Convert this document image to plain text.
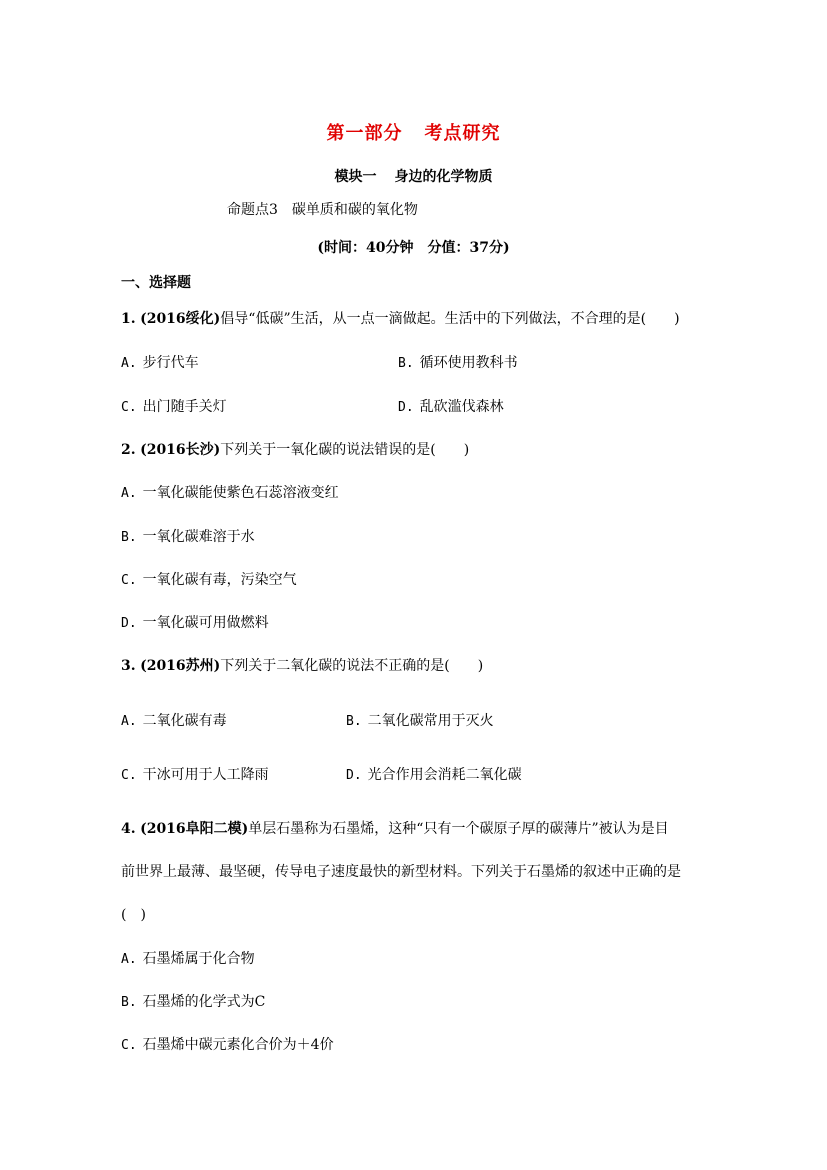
第一部分 考点研究
模块一 身边的化学物质
命题点3 碳单质和碳的氧化物
(时间：40分钟　分值：37分)
一、选择题
1. (2016绥化)倡导“低碳”生活，从一点一滴做起。生活中的下列做法，不合理的是(　　)
A. 步行代车	B. 循环使用教科书
C. 出门随手关灯	D. 乱砍滥伐森林
2. (2016长沙)下列关于一氧化碳的说法错误的是(　　)
A. 一氧化碳能使紫色石蕊溶液变红
B. 一氧化碳难溶于水
C. 一氧化碳有毒，污染空气
D. 一氧化碳可用做燃料
3. (2016苏州)下列关于二氧化碳的说法不正确的是(　　)
A. 二氧化碳有毒	B. 二氧化碳常用于灭火
C. 干冰可用于人工降雨	D. 光合作用会消耗二氧化碳
4. (2016阜阳二模)单层石墨称为石墨烯，这种“只有一个碳原子厚的碳薄片”被认为是目
前世界上最薄、最坚硬，传导电子速度最快的新型材料。下列关于石墨烯的叙述中正确的是
(　)
A. 石墨烯属于化合物
B. 石墨烯的化学式为C
C. 石墨烯中碳元素化合价为＋4价
